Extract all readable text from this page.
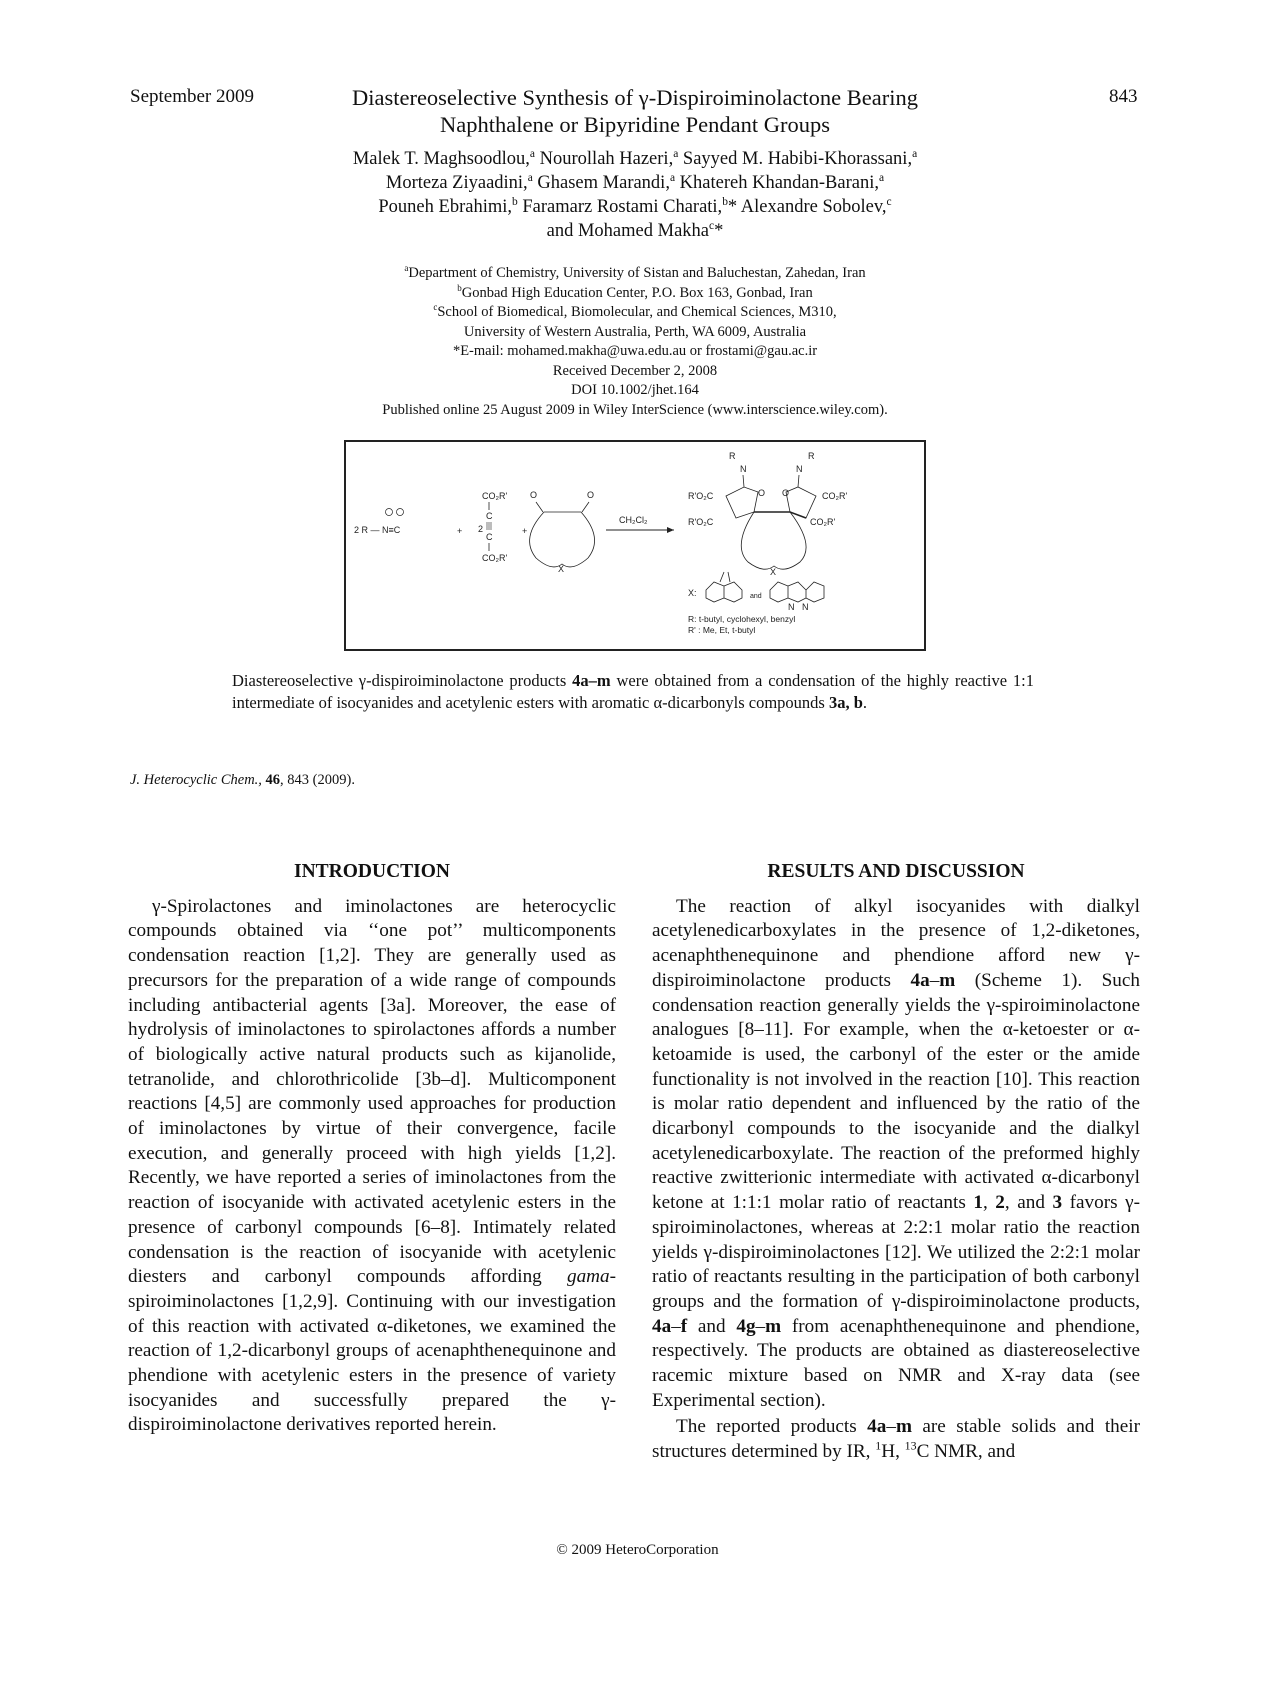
September 2009	843
Diastereoselective Synthesis of γ-Dispiroiminolactone Bearing
Naphthalene or Bipyridine Pendant Groups
Malek T. Maghsoodlou,$^a$ Nourollah Hazeri,$^a$ Sayyed M. Habibi-Khorassani,$^a$
Morteza Ziyaadini,$^a$ Ghasem Marandi,$^a$ Khatereh Khandan-Barani,$^a$
Pouneh Ebrahimi,$^b$ Faramarz Rostami Charati,$^b$* Alexandre Sobolev,$^c$
and Mohamed Makha$^c$*
$^a$Department of Chemistry, University of Sistan and Baluchestan, Zahedan, Iran
$^b$Gonbad High Education Center, P.O. Box 163, Gonbad, Iran
$^c$School of Biomedical, Biomolecular, and Chemical Sciences, M310,
University of Western Australia, Perth, WA 6009, Australia
*E-mail: mohamed.makha@uwa.edu.au or frostami@gau.ac.ir
Received December 2, 2008
DOI 10.1002/jhet.164
Published online 25 August 2009 in Wiley InterScience (www.interscience.wiley.com).
2 R — N≡C	+ 2
CO₂R'
C
C
CO₂R'
+
O	O
X
CH₂Cl₂
R
N
R
N
R'O₂C
R'O₂C
O O	CO₂R'
CO₂R'
X
X:	and
N N
R: t-butyl, cyclohexyl, benzyl
R' : Me, Et, t-butyl
Diastereoselective γ-dispiroiminolactone products 4a–m were obtained from a condensation of the highly reactive 1:1 intermediate of isocyanides and acetylenic esters with aromatic α-dicarbonyls compounds 3a, b.
J. Heterocyclic Chem., 46, 843 (2009).
INTRODUCTION

γ-Spirolactones and iminolactones are heterocyclic compounds obtained via ‘‘one pot’’ multicomponents condensation reaction [1,2]. They are generally used as precursors for the preparation of a wide range of compounds including antibacterial agents [3a]. Moreover, the ease of hydrolysis of iminolactones to spirolactones affords a number of biologically active natural products such as kijanolide, tetranolide, and chlorothricolide [3b–d]. Multicomponent reactions [4,5] are commonly used approaches for production of iminolactones by virtue of their convergence, facile execution, and generally proceed with high yields [1,2]. Recently, we have reported a series of iminolactones from the reaction of isocyanide with activated acetylenic esters in the presence of carbonyl compounds [6–8]. Intimately related condensation is the reaction of isocyanide with acetylenic diesters and carbonyl compounds affording gama-spiroiminolactones [1,2,9]. Continuing with our investigation of this reaction with activated α-diketones, we examined the reaction of 1,2-dicarbonyl groups of acenaphthenequinone and phendione with acetylenic esters in the presence of variety isocyanides and successfully prepared the γ-dispiroiminolactone derivatives reported herein.

RESULTS AND DISCUSSION

The reaction of alkyl isocyanides with dialkyl acetylenedicarboxylates in the presence of 1,2-diketones, acenaphthenequinone and phendione afford new γ-dispiroiminolactone products 4a–m (Scheme 1). Such condensation reaction generally yields the γ-spiroiminolactone analogues [8–11]. For example, when the α-ketoester or α-ketoamide is used, the carbonyl of the ester or the amide functionality is not involved in the reaction [10]. This reaction is molar ratio dependent and influenced by the ratio of the dicarbonyl compounds to the isocyanide and the dialkyl acetylenedicarboxylate. The reaction of the preformed highly reactive zwitterionic intermediate with activated α-dicarbonyl ketone at 1:1:1 molar ratio of reactants 1, 2, and 3 favors γ-spiroiminolactones, whereas at 2:2:1 molar ratio the reaction yields γ-dispiroiminolactones [12]. We utilized the 2:2:1 molar ratio of reactants resulting in the participation of both carbonyl groups and the formation of γ-dispiroiminolactone products, 4a–f and 4g–m from acenaphthenequinone and phendione, respectively. The products are obtained as diastereoselective racemic mixture based on NMR and X-ray data (see Experimental section).

The reported products 4a–m are stable solids and their structures determined by IR, $^1$H, $^{13}$C NMR, and

© 2009 HeteroCorporation
